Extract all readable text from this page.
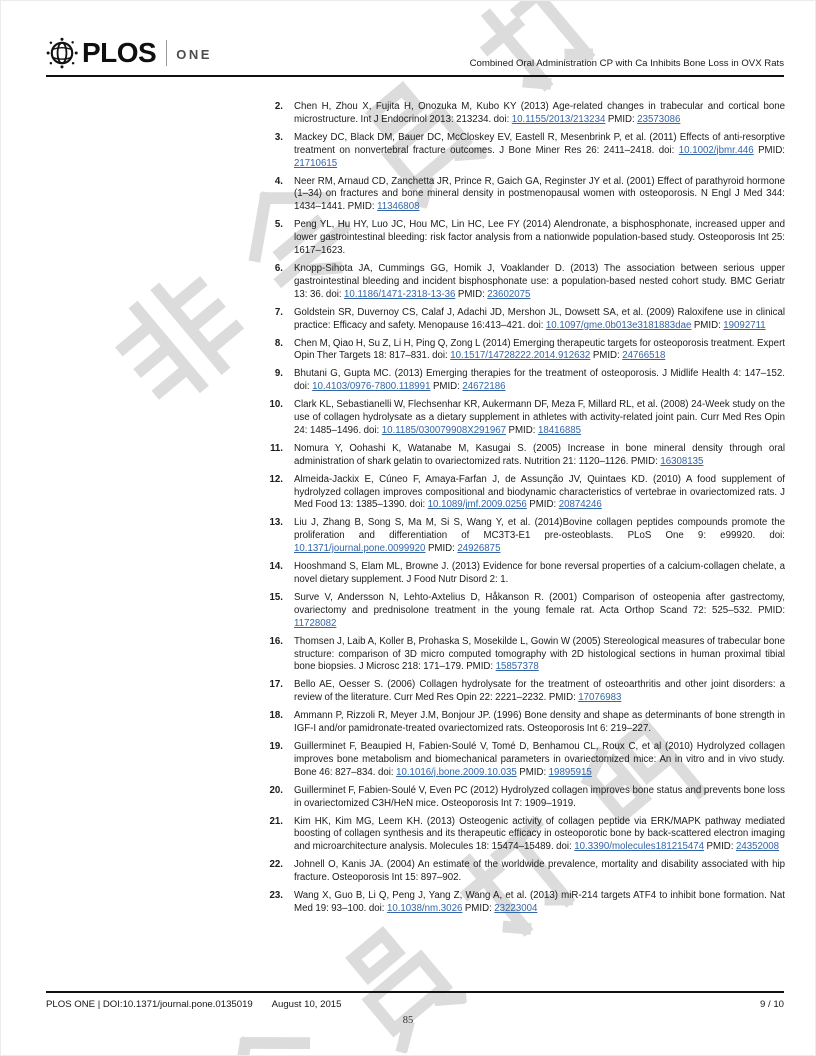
PLOS ONE
Combined Oral Administration CP with Ca Inhibits Bone Loss in OVX Rats
2. Chen H, Zhou X, Fujita H, Onozuka M, Kubo KY (2013) Age-related changes in trabecular and cortical bone microstructure. Int J Endocrinol 2013: 213234. doi: 10.1155/2013/213234 PMID: 23573086
3. Mackey DC, Black DM, Bauer DC, McCloskey EV, Eastell R, Mesenbrink P, et al. (2011) Effects of anti-resorptive treatment on nonvertebral fracture outcomes. J Bone Miner Res 26: 2411–2418. doi: 10.1002/jbmr.446 PMID: 21710615
4. Neer RM, Arnaud CD, Zanchetta JR, Prince R, Gaich GA, Reginster JY et al. (2001) Effect of parathyroid hormone (1–34) on fractures and bone mineral density in postmenopausal women with osteoporosis. N Engl J Med 344: 1434–1441. PMID: 11346808
5. Peng YL, Hu HY, Luo JC, Hou MC, Lin HC, Lee FY (2014) Alendronate, a bisphosphonate, increased upper and lower gastrointestinal bleeding: risk factor analysis from a nationwide population-based study. Osteoporosis Int 25: 1617–1623.
6. Knopp-Sihota JA, Cummings GG, Homik J, Voaklander D. (2013) The association between serious upper gastrointestinal bleeding and incident bisphosphonate use: a population-based nested cohort study. BMC Geriatr 13: 36. doi: 10.1186/1471-2318-13-36 PMID: 23602075
7. Goldstein SR, Duvernoy CS, Calaf J, Adachi JD, Mershon JL, Dowsett SA, et al. (2009) Raloxifene use in clinical practice: Efficacy and safety. Menopause 16:413–421. doi: 10.1097/gme.0b013e3181883dae PMID: 19092711
8. Chen M, Qiao H, Su Z, Li H, Ping Q, Zong L (2014) Emerging therapeutic targets for osteoporosis treatment. Expert Opin Ther Targets 18: 817–831. doi: 10.1517/14728222.2014.912632 PMID: 24766518
9. Bhutani G, Gupta MC. (2013) Emerging therapies for the treatment of osteoporosis. J Midlife Health 4: 147–152. doi: 10.4103/0976-7800.118991 PMID: 24672186
10. Clark KL, Sebastianelli W, Flechsenhar KR, Aukermann DF, Meza F, Millard RL, et al. (2008) 24-Week study on the use of collagen hydrolysate as a dietary supplement in athletes with activity-related joint pain. Curr Med Res Opin 24: 1485–1496. doi: 10.1185/030079908X291967 PMID: 18416885
11. Nomura Y, Oohashi K, Watanabe M, Kasugai S. (2005) Increase in bone mineral density through oral administration of shark gelatin to ovariectomized rats. Nutrition 21: 1120–1126. PMID: 16308135
12. Almeida-Jackix E, Cúneo F, Amaya-Farfan J, de Assunção JV, Quintaes KD. (2010) A food supplement of hydrolyzed collagen improves compositional and biodynamic characteristics of vertebrae in ovariectomized rats. J Med Food 13: 1385–1390. doi: 10.1089/jmf.2009.0256 PMID: 20874246
13. Liu J, Zhang B, Song S, Ma M, Si S, Wang Y, et al. (2014)Bovine collagen peptides compounds promote the proliferation and differentiation of MC3T3-E1 pre-osteoblasts. PLoS One 9: e99920. doi: 10.1371/journal.pone.0099920 PMID: 24926875
14. Hooshmand S, Elam ML, Browne J. (2013) Evidence for bone reversal properties of a calcium-collagen chelate, a novel dietary supplement. J Food Nutr Disord 2: 1.
15. Surve V, Andersson N, Lehto-Axtelius D, Håkanson R. (2001) Comparison of osteopenia after gastrectomy, ovariectomy and prednisolone treatment in the young female rat. Acta Orthop Scand 72: 525–532. PMID: 11728082
16. Thomsen J, Laib A, Koller B, Prohaska S, Mosekilde L, Gowin W (2005) Stereological measures of trabecular bone structure: comparison of 3D micro computed tomography with 2D histological sections in human proximal tibial bone biopsies. J Microsc 218: 171–179. PMID: 15857378
17. Bello AE, Oesser S. (2006) Collagen hydrolysate for the treatment of osteoarthritis and other joint disorders: a review of the literature. Curr Med Res Opin 22: 2221–2232. PMID: 17076983
18. Ammann P, Rizzoli R, Meyer J.M, Bonjour JP. (1996) Bone density and shape as determinants of bone strength in IGF-I and/or pamidronate-treated ovariectomized rats. Osteoporosis Int 6: 219–227.
19. Guillerminet F, Beaupied H, Fabien-Soulé V, Tomé D, Benhamou CL, Roux C, et al (2010) Hydrolyzed collagen improves bone metabolism and biomechanical parameters in ovariectomized mice: An in vitro and in vivo study. Bone 46: 827–834. doi: 10.1016/j.bone.2009.10.035 PMID: 19895915
20. Guillerminet F, Fabien-Soulé V, Even PC (2012) Hydrolyzed collagen improves bone status and prevents bone loss in ovariectomized C3H/HeN mice. Osteoporosis Int 7: 1909–1919.
21. Kim HK, Kim MG, Leem KH. (2013) Osteogenic activity of collagen peptide via ERK/MAPK pathway mediated boosting of collagen synthesis and its therapeutic efficacy in osteoporotic bone by back-scattered electron imaging and microarchitecture analysis. Molecules 18: 15474–15489. doi: 10.3390/molecules181215474 PMID: 24352008
22. Johnell O, Kanis JA. (2004) An estimate of the worldwide prevalence, mortality and disability associated with hip fracture. Osteoporosis Int 15: 897–902.
23. Wang X, Guo B, Li Q, Peng J, Yang Z, Wang A, et al. (2013) miR-214 targets ATF4 to inhibit bone formation. Nat Med 19: 93–100. doi: 10.1038/nm.3026 PMID: 23223004
PLOS ONE | DOI:10.1371/journal.pone.0135019 August 10, 2015	9 / 10
85
